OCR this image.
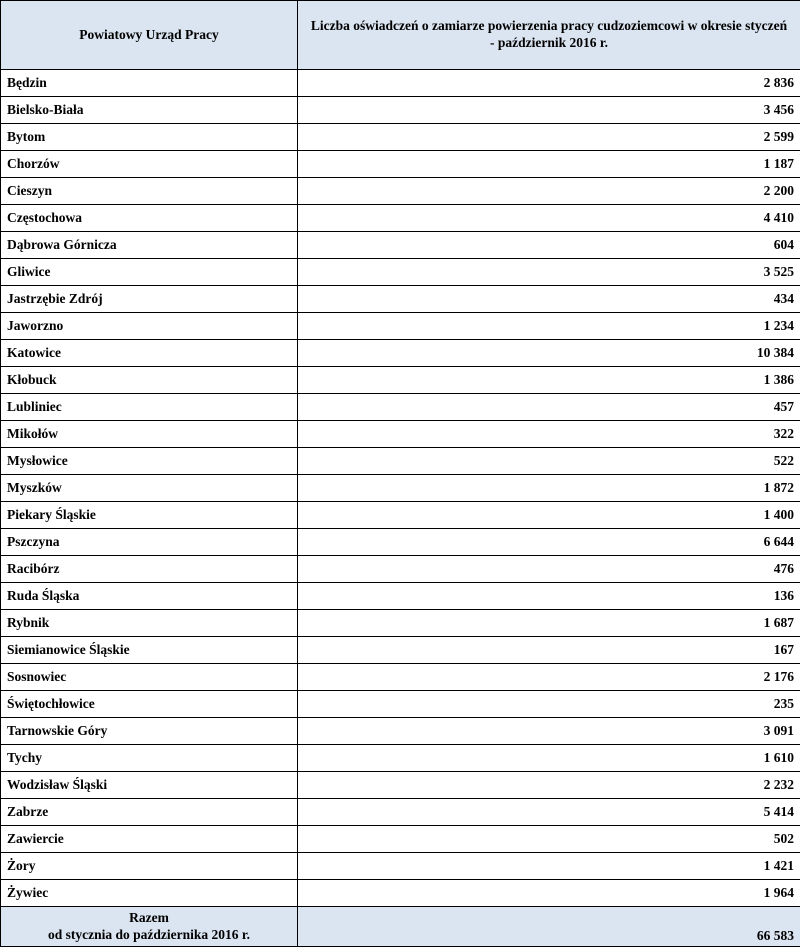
Powiatowy Urząd Pracy	Liczba oświadczeń o zamiarze powierzenia pracy cudzoziemcowi w okresie styczeń - październik 2016 r.
Będzin	2 836
Bielsko-Biała	3 456
Bytom	2 599
Chorzów	1 187
Cieszyn	2 200
Częstochowa	4 410
Dąbrowa Górnicza	604
Gliwice	3 525
Jastrzębie Zdrój	434
Jaworzno	1 234
Katowice	10 384
Kłobuck	1 386
Lubliniec	457
Mikołów	322
Mysłowice	522
Myszków	1 872
Piekary Śląskie	1 400
Pszczyna	6 644
Racibórz	476
Ruda Śląska	136
Rybnik	1 687
Siemianowice Śląskie	167
Sosnowiec	2 176
Świętochłowice	235
Tarnowskie Góry	3 091
Tychy	1 610
Wodzisław Śląski	2 232
Zabrze	5 414
Zawiercie	502
Żory	1 421
Żywiec	1 964

Razem
od stycznia do października 2016 r.	66 583
